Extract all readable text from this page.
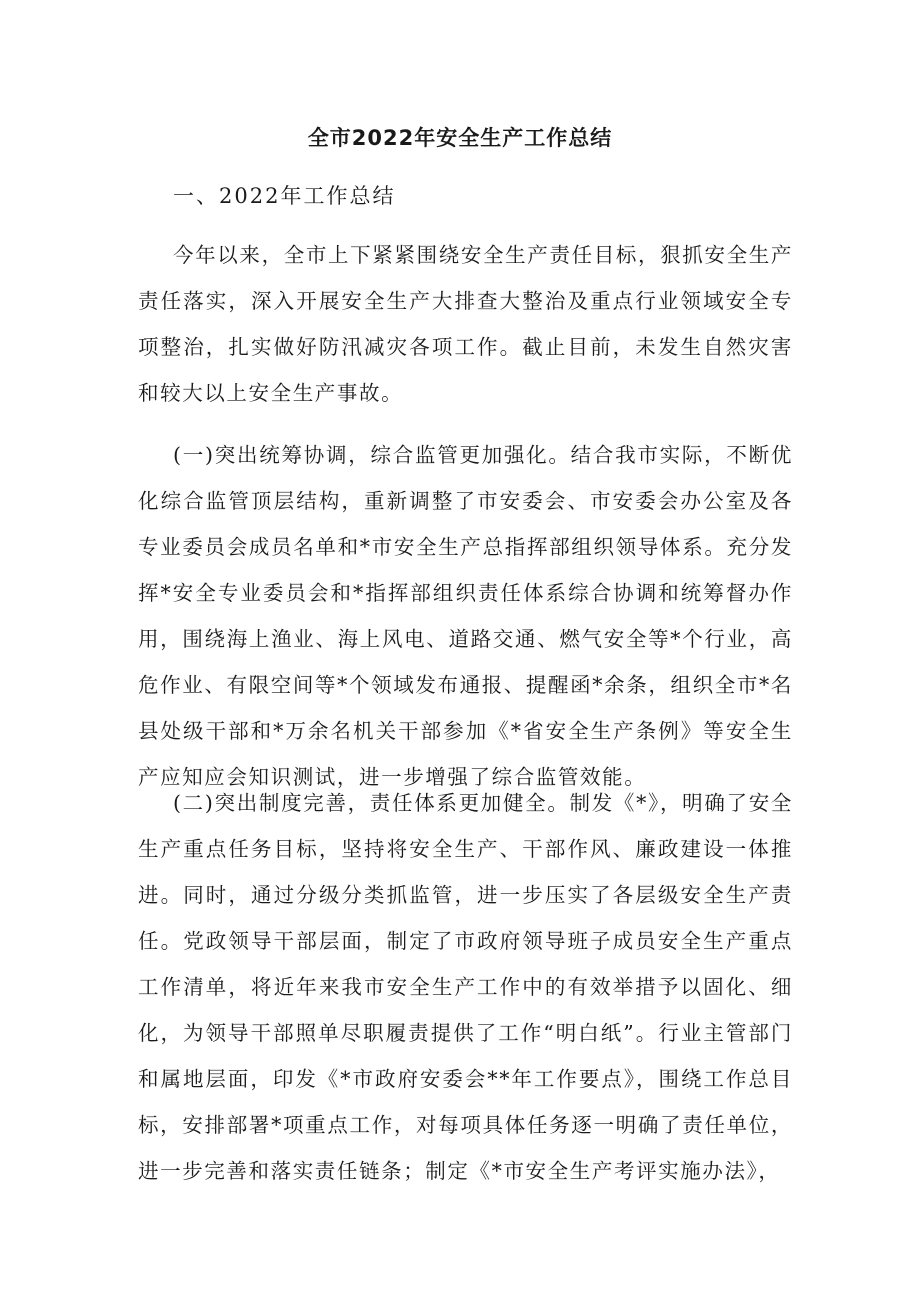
全市2022年安全生产工作总结
一、2022年工作总结

今年以来，全市上下紧紧围绕安全生产责任目标，狠抓安全生产责任落实，深入开展安全生产大排查大整治及重点行业领域安全专项整治，扎实做好防汛减灾各项工作。截止目前，未发生自然灾害和较大以上安全生产事故。

(一)突出统筹协调，综合监管更加强化。结合我市实际，不断优化综合监管顶层结构，重新调整了市安委会、市安委会办公室及各专业委员会成员名单和*市安全生产总指挥部组织领导体系。充分发挥*安全专业委员会和*指挥部组织责任体系综合协调和统筹督办作用，围绕海上渔业、海上风电、道路交通、燃气安全等*个行业，高危作业、有限空间等*个领域发布通报、提醒函*余条，组织全市*名县处级干部和*万余名机关干部参加《*省安全生产条例》等安全生产应知应会知识测试，进一步增强了综合监管效能。

(二)突出制度完善，责任体系更加健全。制发《*》，明确了安全生产重点任务目标，坚持将安全生产、干部作风、廉政建设一体推进。同时，通过分级分类抓监管，进一步压实了各层级安全生产责任。党政领导干部层面，制定了市政府领导班子成员安全生产重点工作清单，将近年来我市安全生产工作中的有效举措予以固化、细化，为领导干部照单尽职履责提供了工作“明白纸”。行业主管部门和属地层面，印发《*市政府安委会**年工作要点》，围绕工作总目标，安排部署*项重点工作，对每项具体任务逐一明确了责任单位，进一步完善和落实责任链条；制定《*市安全生产考评实施办法》，
